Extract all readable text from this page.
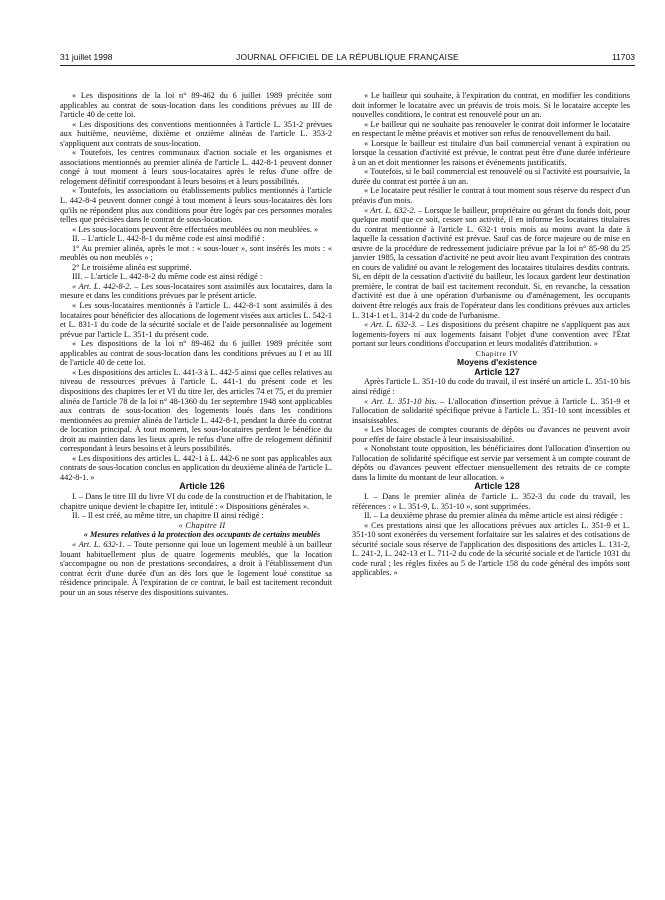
31 juillet 1998	JOURNAL OFFICIEL DE LA RÉPUBLIQUE FRANÇAISE	11703

« Les dispositions de la loi n° 89-462 du 6 juillet 1989 précitée sont applicables au contrat de sous-location dans les conditions prévues au III de l'article 40 de cette loi.

« Les dispositions des conventions mentionnées à l'article L. 351-2 prévues aux huitième, neuvième, dixième et onzième alinéas de l'article L. 353-2 s'appliquent aux contrats de sous-location.

« Toutefois, les centres communaux d'action sociale et les organismes et associations mentionnés au premier alinéa de l'article L. 442-8-1 peuvent donner congé à tout moment à leurs sous-locataires après le refus d'une offre de relogement définitif correspondant à leurs besoins et à leurs possibilités.

« Toutefois, les associations ou établissements publics mentionnés à l'article L. 442-8-4 peuvent donner congé à tout moment à leurs sous-locataires dès lors qu'ils ne répondent plus aux conditions pour être logés par ces personnes morales telles que précisées dans le contrat de sous-location.

« Les sous-locations peuvent être effectuées meublées ou non meublées. »

II. – L'article L. 442-8-1 du même code est ainsi modifié :

1° Au premier alinéa, après le mot : « sous-louer », sont insérés les mots : « meublés ou non meublés » ;

2° Le troisième alinéa est supprimé.

III. – L'article L. 442-8-2 du même code est ainsi rédigé :

« Art. L. 442-8-2. – Les sous-locataires sont assimilés aux locataires, dans la mesure et dans les conditions prévues par le présent article.

« Les sous-locataires mentionnés à l'article L. 442-8-1 sont assimilés à des locataires pour bénéficier des allocations de logement visées aux articles L. 542-1 et L. 831-1 du code de la sécurité sociale et de l'aide personnalisée au logement prévue par l'article L. 351-1 du présent code.

« Les dispositions de la loi n° 89-462 du 6 juillet 1989 précitée sont applicables au contrat de sous-location dans les conditions prévues au I et au III de l'article 40 de cette loi.

« Les dispositions des articles L. 441-3 à L. 442-5 ainsi que celles relatives au niveau de ressources prévues à l'article L. 441-1 du présent code et les dispositions des chapitres Ier et VI du titre Ier, des articles 74 et 75, et du premier alinéa de l'article 78 de la loi n° 48-1360 du 1er septembre 1948 sont applicables aux contrats de sous-location des logements loués dans les conditions mentionnées au premier alinéa de l'article L. 442-8-1, pendant la durée du contrat de location principal. À tout moment, les sous-locataires perdent le bénéfice du droit au maintien dans les lieux après le refus d'une offre de relogement définitif correspondant à leurs besoins et à leurs possibilités.

« Les dispositions des articles L. 442-1 à L. 442-6 ne sont pas applicables aux contrats de sous-location conclus en application du deuxième alinéa de l'article L. 442-8-1. »

Article 126

I. – Dans le titre III du livre VI du code de la construction et de l'habitation, le chapitre unique devient le chapitre Ier, intitulé : « Dispositions générales ».

II. – Il est créé, au même titre, un chapitre II ainsi rédigé :

« Chapitre II

« Mesures relatives à la protection des occupants de certains meublés

« Art. L. 632-1. – Toute personne qui loue un logement meublé à un bailleur louant habituellement plus de quatre logements meublés, que la location s'accompagne ou non de prestations secondaires, a droit à l'établissement d'un contrat écrit d'une durée d'un an dès lors que le logement loué constitue sa résidence principale. À l'expiration de ce contrat, le bail est tacitement reconduit pour un an sous réserve des dispositions suivantes.

« Le bailleur qui souhaite, à l'expiration du contrat, en modifier les conditions doit informer le locataire avec un préavis de trois mois. Si le locataire accepte les nouvelles conditions, le contrat est renouvelé pour un an.

« Le bailleur qui ne souhaite pas renouveler le contrat doit informer le locataire en respectant le même préavis et motiver son refus de renouvellement du bail.

« Lorsque le bailleur est titulaire d'un bail commercial venant à expiration ou lorsque la cessation d'activité est prévue, le contrat peut être d'une durée inférieure à un an et doit mentionner les raisons et événements justificatifs.

« Toutefois, si le bail commercial est renouvelé ou si l'activité est poursuivie, la durée du contrat est portée à un an.

« Le locataire peut résilier le contrat à tout moment sous réserve du respect d'un préavis d'un mois.

« Art. L. 632-2. – Lorsque le bailleur, propriétaire ou gérant du fonds doit, pour quelque motif que ce soit, cesser son activité, il en informe les locataires titulaires du contrat mentionné à l'article L. 632-1 trois mois au moins avant la date à laquelle la cessation d'activité est prévue. Sauf cas de force majeure ou de mise en œuvre de la procédure de redressement judiciaire prévue par la loi n° 85-98 du 25 janvier 1985, la cessation d'activité ne peut avoir lieu avant l'expiration des contrats en cours de validité ou avant le relogement des locataires titulaires desdits contrats. Si, en dépit de la cessation d'activité du bailleur, les locaux gardent leur destination première, le contrat de bail est tacitement reconduit. Si, en revanche, la cessation d'activité est due à une opération d'urbanisme ou d'aménagement, les occupants doivent être relogés aux frais de l'opérateur dans les conditions prévues aux articles L. 314-1 et L. 314-2 du code de l'urbanisme.

« Art. L. 632-3. – Les dispositions du présent chapitre ne s'appliquent pas aux logements-foyers ni aux logements faisant l'objet d'une convention avec l'État portant sur leurs conditions d'occupation et leurs modalités d'attribution. »

Chapitre IV

Moyens d'existence

Article 127

Après l'article L. 351-10 du code du travail, il est inséré un article L. 351-10 bis ainsi rédigé :

« Art. L. 351-10 bis. – L'allocation d'insertion prévue à l'article L. 351-9 et l'allocation de solidarité spécifique prévue à l'article L. 351-10 sont incessibles et insaisissables.

« Les blocages de comptes courants de dépôts ou d'avances ne peuvent avoir pour effet de faire obstacle à leur insaisissabilité.

« Nonobstant toute opposition, les bénéficiaires dont l'allocation d'insertion ou l'allocation de solidarité spécifique est servie par versement à un compte courant de dépôts ou d'avances peuvent effectuer mensuellement des retraits de ce compte dans la limite du montant de leur allocation. »

Article 128

I. – Dans le premier alinéa de l'article L. 352-3 du code du travail, les références : « L. 351-9, L. 351-10 », sont supprimées.

II. – La deuxième phrase du premier alinéa du même article est ainsi rédigée :

« Ces prestations ainsi que les allocations prévues aux articles L. 351-9 et L. 351-10 sont exonérées du versement forfaitaire sur les salaires et des cotisations de sécurité sociale sous réserve de l'application des dispositions des articles L. 131-2, L. 241-2, L. 242-13 et L. 711-2 du code de la sécurité sociale et de l'article 1031 du code rural ; les règles fixées au 5 de l'article 158 du code général des impôts sont applicables. »
